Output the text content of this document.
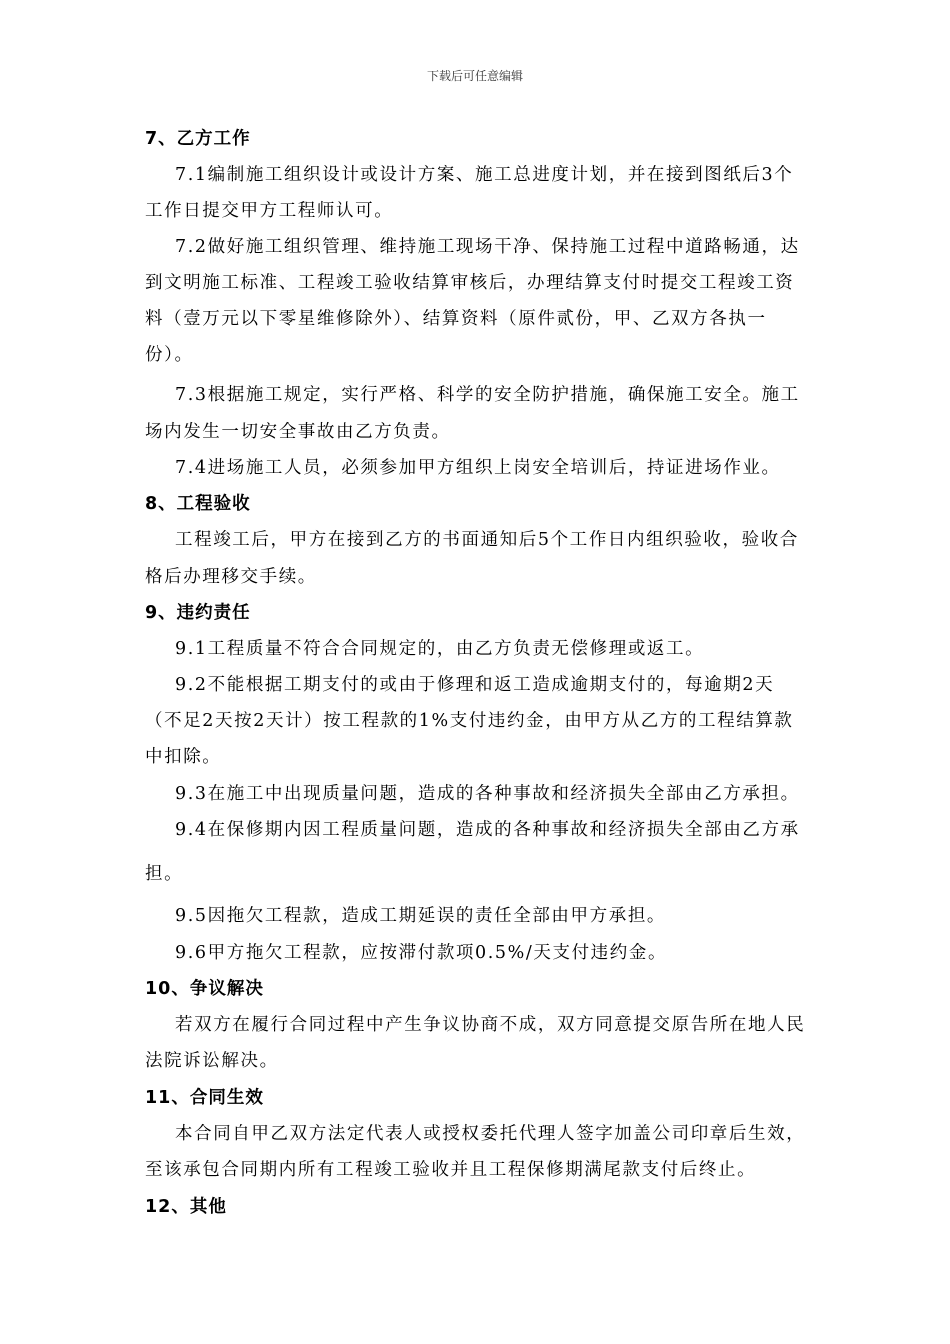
下载后可任意编辑
7、乙方工作
7.1编制施工组织设计或设计方案、施工总进度计划，并在接到图纸后3个
工作日提交甲方工程师认可。
7.2做好施工组织管理、维持施工现场干净、保持施工过程中道路畅通，达
到文明施工标准、工程竣工验收结算审核后，办理结算支付时提交工程竣工资
料（壹万元以下零星维修除外）、结算资料（原件贰份，甲、乙双方各执一
份）。
7.3根据施工规定，实行严格、科学的安全防护措施，确保施工安全。施工
场内发生一切安全事故由乙方负责。
7.4进场施工人员，必须参加甲方组织上岗安全培训后，持证进场作业。
8、工程验收
工程竣工后，甲方在接到乙方的书面通知后5个工作日内组织验收，验收合
格后办理移交手续。
9、违约责任
9.1工程质量不符合合同规定的，由乙方负责无偿修理或返工。
9.2不能根据工期支付的或由于修理和返工造成逾期支付的，每逾期2天
（不足2天按2天计）按工程款的1%支付违约金，由甲方从乙方的工程结算款
中扣除。
9.3在施工中出现质量问题，造成的各种事故和经济损失全部由乙方承担。
9.4在保修期内因工程质量问题，造成的各种事故和经济损失全部由乙方承
担。
9.5因拖欠工程款，造成工期延误的责任全部由甲方承担。
9.6甲方拖欠工程款，应按滞付款项0.5%/天支付违约金。
10、争议解决
若双方在履行合同过程中产生争议协商不成，双方同意提交原告所在地人民
法院诉讼解决。
11、合同生效
本合同自甲乙双方法定代表人或授权委托代理人签字加盖公司印章后生效，
至该承包合同期内所有工程竣工验收并且工程保修期满尾款支付后终止。
12、其他
